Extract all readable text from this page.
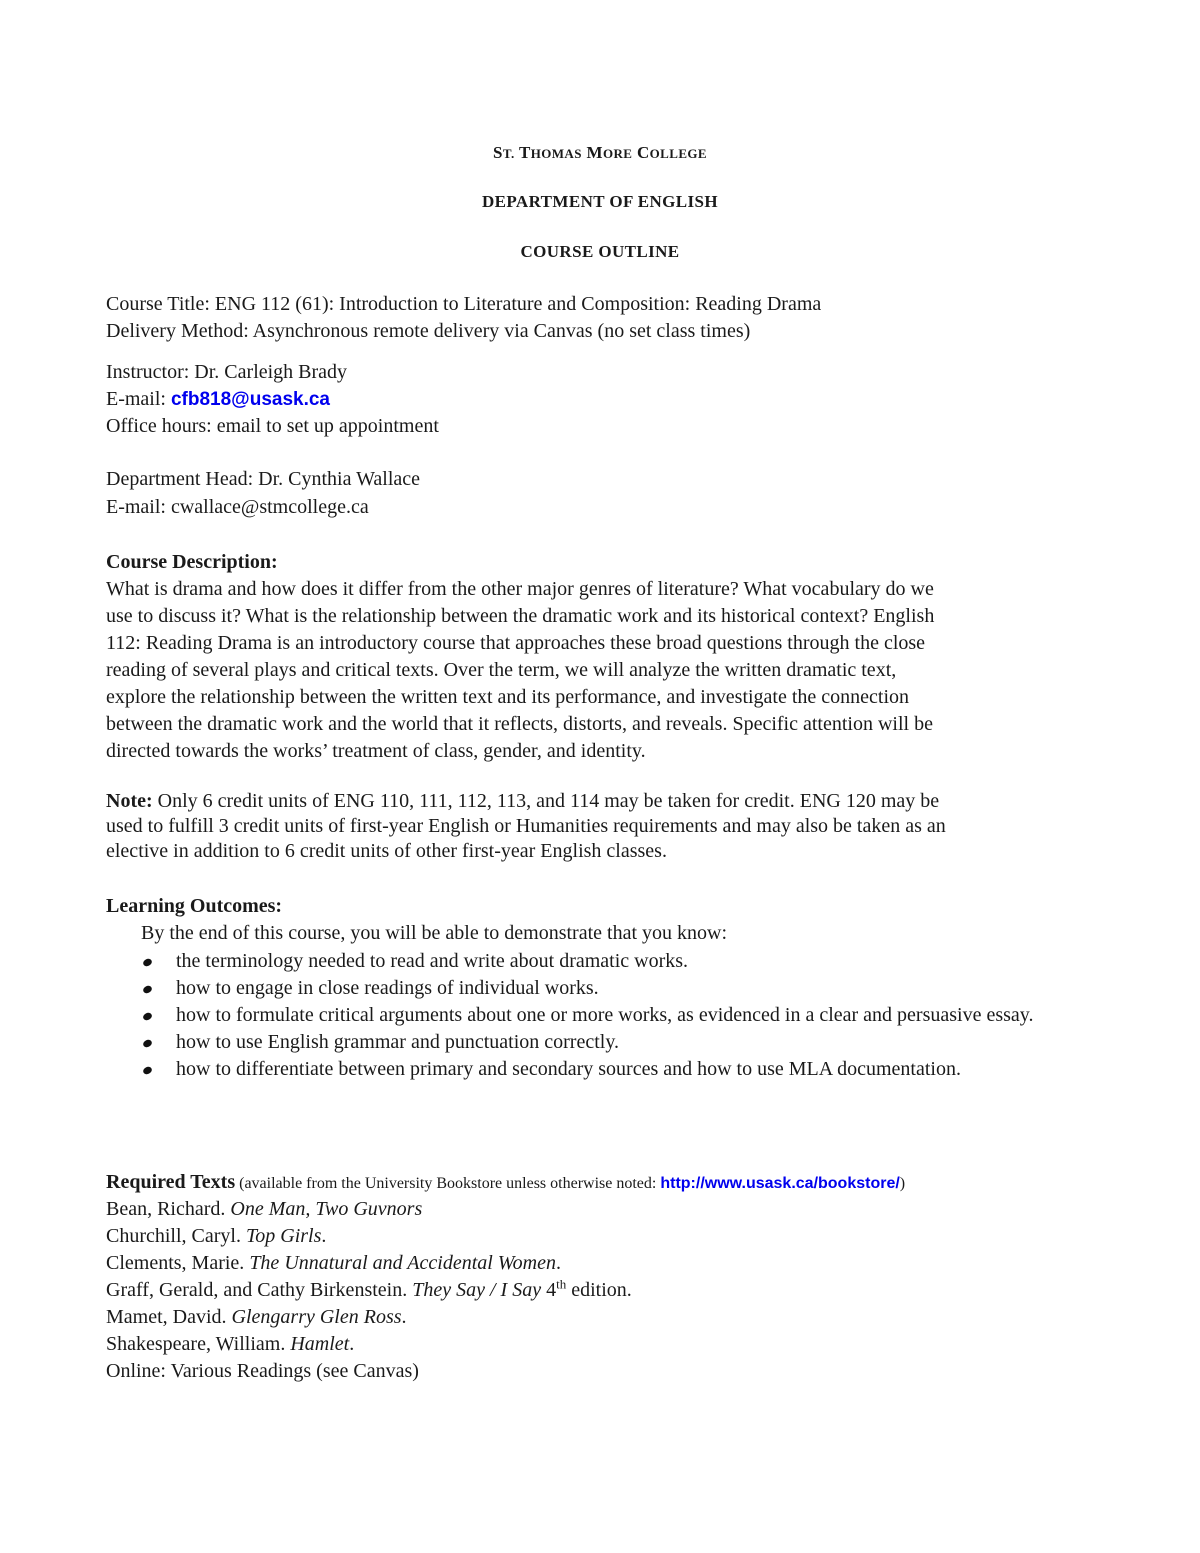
ST. THOMAS MORE COLLEGE
DEPARTMENT OF ENGLISH
COURSE OUTLINE
Course Title: ENG 112 (61): Introduction to Literature and Composition: Reading Drama
Delivery Method: Asynchronous remote delivery via Canvas (no set class times)
Instructor: Dr. Carleigh Brady
E-mail: cfb818@usask.ca
Office hours: email to set up appointment
Department Head: Dr. Cynthia Wallace
E-mail: cwallace@stmcollege.ca
Course Description:
What is drama and how does it differ from the other major genres of literature? What vocabulary do we
use to discuss it? What is the relationship between the dramatic work and its historical context? English
112: Reading Drama is an introductory course that approaches these broad questions through the close
reading of several plays and critical texts. Over the term, we will analyze the written dramatic text,
explore the relationship between the written text and its performance, and investigate the connection
between the dramatic work and the world that it reflects, distorts, and reveals. Specific attention will be
directed towards the works’ treatment of class, gender, and identity.
Note: Only 6 credit units of ENG 110, 111, 112, 113, and 114 may be taken for credit. ENG 120 may be
used to fulfill 3 credit units of first-year English or Humanities requirements and may also be taken as an
elective in addition to 6 credit units of other first-year English classes.
Learning Outcomes:
By the end of this course, you will be able to demonstrate that you know:
the terminology needed to read and write about dramatic works.
how to engage in close readings of individual works.
how to formulate critical arguments about one or more works, as evidenced in a clear and persuasive essay.
how to use English grammar and punctuation correctly.
how to differentiate between primary and secondary sources and how to use MLA documentation.
Required Texts (available from the University Bookstore unless otherwise noted: http://www.usask.ca/bookstore/)
Bean, Richard. One Man, Two Guvnors
Churchill, Caryl. Top Girls.
Clements, Marie. The Unnatural and Accidental Women.
Graff, Gerald, and Cathy Birkenstein. They Say / I Say 4th edition.
Mamet, David. Glengarry Glen Ross.
Shakespeare, William. Hamlet.
Online: Various Readings (see Canvas)
